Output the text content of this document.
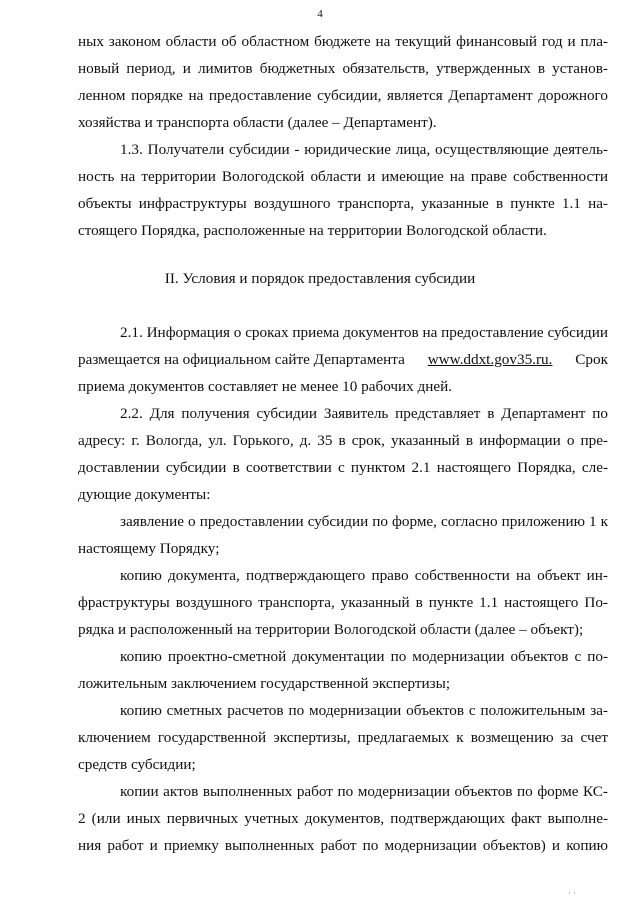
4
ных законом области об областном бюджете на текущий финансовый год и пла-
новый период, и лимитов бюджетных обязательств, утвержденных в установ-
ленном порядке на предоставление субсидии, является Департамент дорожного
хозяйства и транспорта области (далее – Департамент).
1.3. Получатели субсидии - юридические лица, осуществляющие деятель-
ность на территории Вологодской области и имеющие на праве собственности
объекты инфраструктуры воздушного транспорта, указанные в пункте 1.1 на-
стоящего Порядка, расположенные на территории Вологодской области.
II. Условия и порядок предоставления субсидии
2.1. Информация о сроках приема документов на предоставление субсидии
размещается на официальном сайте Департамента www.ddxt.gov35.ru. Срок
приема документов составляет не менее 10 рабочих дней.
2.2. Для получения субсидии Заявитель представляет в Департамент по
адресу: г. Вологда, ул. Горького, д. 35 в срок, указанный в информации о пре-
доставлении субсидии в соответствии с пунктом 2.1 настоящего Порядка, сле-
дующие документы:
заявление о предоставлении субсидии по форме, согласно приложению 1 к
настоящему Порядку;
копию документа, подтверждающего право собственности на объект ин-
фраструктуры воздушного транспорта, указанный в пункте 1.1 настоящего По-
рядка и расположенный на территории Вологодской области (далее – объект);
копию проектно-сметной документации по модернизации объектов с по-
ложительным заключением государственной экспертизы;
копию сметных расчетов по модернизации объектов с положительным за-
ключением государственной экспертизы, предлагаемых к возмещению за счет
средств субсидии;
копии актов выполненных работ по модернизации объектов по форме КС-
2 (или иных первичных учетных документов, подтверждающих факт выполне-
ния работ и приемку выполненных работ по модернизации объектов) и копию
· ·
